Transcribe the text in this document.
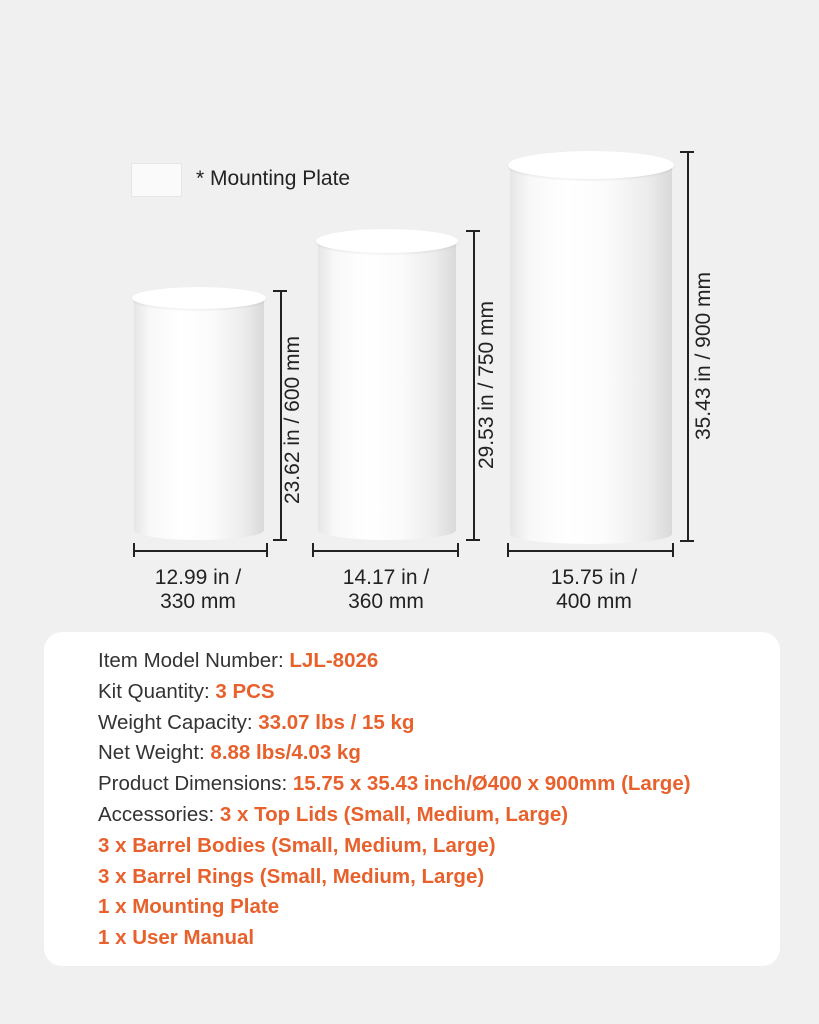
* Mounting Plate
23.62 in / 600 mm	29.53 in / 750 mm	35.43 in / 900 mm
12.99 in /
330 mm
14.17 in /
360 mm
15.75 in /
400 mm
Item Model Number: LJL-8026
Kit Quantity: 3 PCS
Weight Capacity: 33.07 lbs / 15 kg
Net Weight: 8.88 lbs/4.03 kg
Product Dimensions: 15.75 x 35.43 inch/Ø400 x 900mm (Large)
Accessories: 3 x Top Lids (Small, Medium, Large)
3 x Barrel Bodies (Small, Medium, Large)
3 x Barrel Rings (Small, Medium, Large)
1 x Mounting Plate
1 x User Manual
